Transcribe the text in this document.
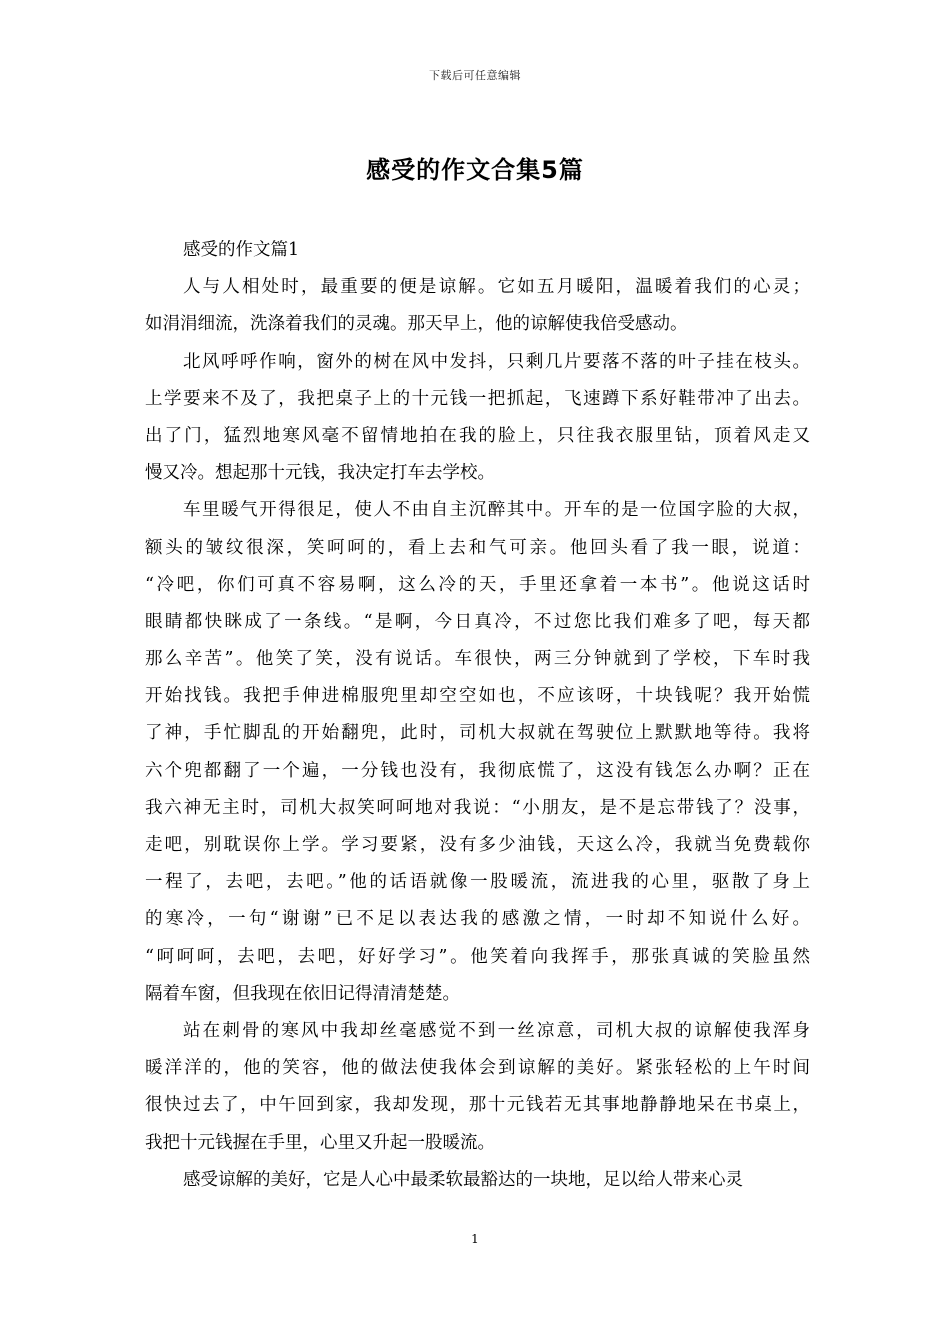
下载后可任意编辑
感受的作文合集5篇
感受的作文篇1
人与人相处时，最重要的便是谅解。它如五月暖阳，温暖着我们的心灵；
如涓涓细流，洗涤着我们的灵魂。那天早上，他的谅解使我倍受感动。
北风呼呼作响，窗外的树在风中发抖，只剩几片要落不落的叶子挂在枝头。
上学要来不及了，我把桌子上的十元钱一把抓起，飞速蹲下系好鞋带冲了出去。
出了门，猛烈地寒风毫不留情地拍在我的脸上，只往我衣服里钻，顶着风走又
慢又冷。想起那十元钱，我决定打车去学校。
车里暖气开得很足，使人不由自主沉醉其中。开车的是一位国字脸的大叔，
额头的皱纹很深，笑呵呵的，看上去和气可亲。他回头看了我一眼，说道：
“冷吧，你们可真不容易啊，这么冷的天，手里还拿着一本书”。他说这话时
眼睛都快眯成了一条线。“是啊，今日真冷，不过您比我们难多了吧，每天都
那么辛苦”。他笑了笑，没有说话。车很快，两三分钟就到了学校，下车时我
开始找钱。我把手伸进棉服兜里却空空如也，不应该呀，十块钱呢？我开始慌
了神，手忙脚乱的开始翻兜，此时，司机大叔就在驾驶位上默默地等待。我将
六个兜都翻了一个遍，一分钱也没有，我彻底慌了，这没有钱怎么办啊？正在
我六神无主时，司机大叔笑呵呵地对我说：“小朋友，是不是忘带钱了？没事，
走吧，别耽误你上学。学习要紧，没有多少油钱，天这么冷，我就当免费载你
一程了，去吧，去吧。”他的话语就像一股暖流，流进我的心里，驱散了身上
的寒冷，一句“谢谢”已不足以表达我的感激之情，一时却不知说什么好。
“呵呵呵，去吧，去吧，好好学习”。他笑着向我挥手，那张真诚的笑脸虽然
隔着车窗，但我现在依旧记得清清楚楚。
站在刺骨的寒风中我却丝毫感觉不到一丝凉意，司机大叔的谅解使我浑身
暖洋洋的，他的笑容，他的做法使我体会到谅解的美好。紧张轻松的上午时间
很快过去了，中午回到家，我却发现，那十元钱若无其事地静静地呆在书桌上，
我把十元钱握在手里，心里又升起一股暖流。
感受谅解的美好，它是人心中最柔软最豁达的一块地，足以给人带来心灵
1
